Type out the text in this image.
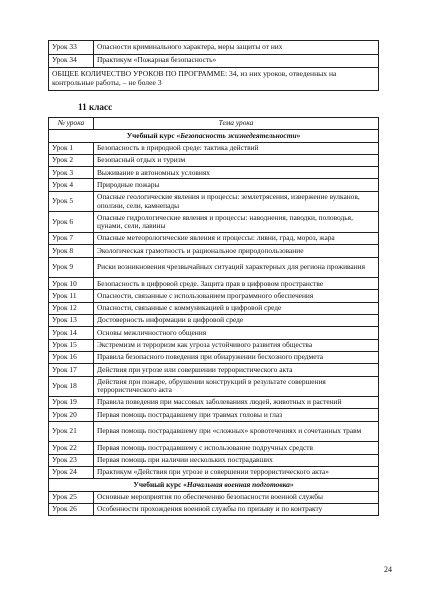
Урок 33	Опасности криминального характера, меры защиты от них
Урок 34	Практикум «Пожарная безопасность»
ОБЩЕЕ КОЛИЧЕСТВО УРОКОВ ПО ПРОГРАММЕ: 34, из них уроков, отведенных на контрольные работы, – не более 3	
11 класс
№ урока	Тема урока
Учебный курс «Безопасность жизнедеятельности»	
Урок 1	Безопасность в природной среде: тактика действий
Урок 2	Безопасный отдых и туризм
Урок 3	Выживание в автономных условиях
Урок 4	Природные пожары
Урок 5	Опасные геологические явления и процессы: землетрясения, извержение вулканов, оползни, сели, камнепады
Урок 6	Опасные гидрологические явления и процессы: наводнения, паводки, половодья, цунами, сели, лавины
Урок 7	Опасные метеорологические явления и процессы: ливни, град, мороз, жара
Урок 8	Экологическая грамотность и рациональное природопользование
Урок 9	Риски возникновения чрезвычайных ситуаций характерных для региона проживания
Урок 10	Безопасность в цифровой среде. Защита прав в цифровом пространстве
Урок 11	Опасности, связанные с использованием программного обеспечения
Урок 12	Опасности, связанные с коммуникацией в цифровой среде
Урок 13	Достоверность информации в цифровой среде
Урок 14	Основы межличностного общения
Урок 15	Экстремизм и терроризм как угроза устойчивого развития общества
Урок 16	Правила безопасного поведения при обнаружении бесхозного предмета
Урок 17	Действия при угрозе или совершении террористического акта
Урок 18	Действия при пожаре, обрушении конструкций в результате совершения террористического акта
Урок 19	Правила поведения при массовых заболеваниях людей, животных и растений
Урок 20	Первая помощь пострадавшему при травмах головы и глаз
Урок 21	Первая помощь пострадавшему при «сложных» кровотечениях и сочетанных травм
Урок 22	Первая помощь пострадавшему с использование подручных средств
Урок 23	Первая помощь при наличии нескольких пострадавших
Урок 24	Практикум «Действия при угрозе и совершении террористического акта»
Учебный курс «Начальная военная подготовка»	
Урок 25	Основные мероприятия по обеспечению безопасности военной службы
Урок 26	Особенности прохождения военной службы по призыву и по контракту
24
